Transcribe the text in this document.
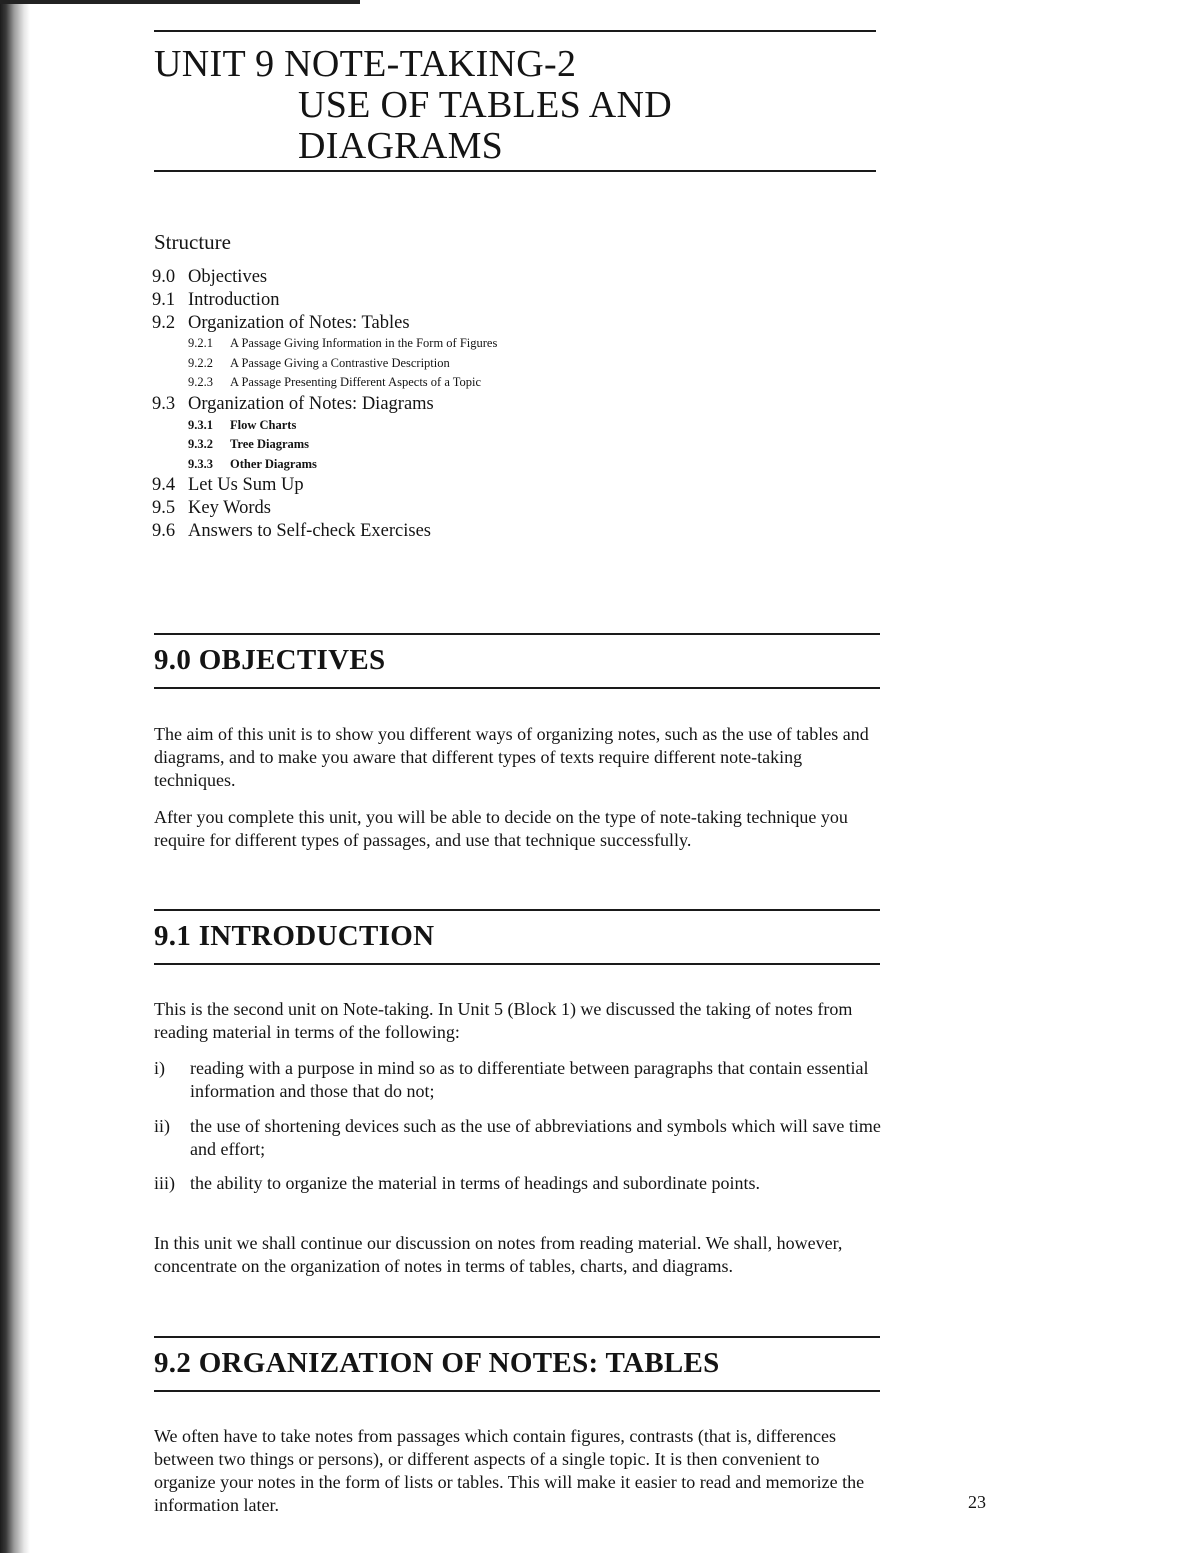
UNIT 9 NOTE-TAKING-2
USE OF TABLES AND
DIAGRAMS
Structure
9.0 Objectives
9.1 Introduction
9.2 Organization of Notes: Tables
9.2.1 A Passage Giving Information in the Form of Figures
9.2.2 A Passage Giving a Contrastive Description
9.2.3 A Passage Presenting Different Aspects of a Topic
9.3 Organization of Notes: Diagrams
9.3.1 Flow Charts
9.3.2 Tree Diagrams
9.3.3 Other Diagrams
9.4 Let Us Sum Up
9.5 Key Words
9.6 Answers to Self-check Exercises
9.0 OBJECTIVES

The aim of this unit is to show you different ways of organizing notes, such as the use of tables and diagrams, and to make you aware that different types of texts require different note-taking techniques.

After you complete this unit, you will be able to decide on the type of note-taking technique you require for different types of passages, and use that technique successfully.

9.1 INTRODUCTION

This is the second unit on Note-taking. In Unit 5 (Block 1) we discussed the taking of notes from reading material in terms of the following:

i)	reading with a purpose in mind so as to differentiate between paragraphs that contain essential information and those that do not;
ii)	the use of shortening devices such as the use of abbreviations and symbols which will save time and effort;
iii) the ability to organize the material in terms of headings and subordinate points.

In this unit we shall continue our discussion on notes from reading material. We shall, however, concentrate on the organization of notes in terms of tables, charts, and diagrams.

9.2 ORGANIZATION OF NOTES: TABLES

We often have to take notes from passages which contain figures, contrasts (that is, differences between two things or persons), or different aspects of a single topic. It is then convenient to organize your notes in the form of lists or tables. This will make it easier to read and memorize the information later.	23
